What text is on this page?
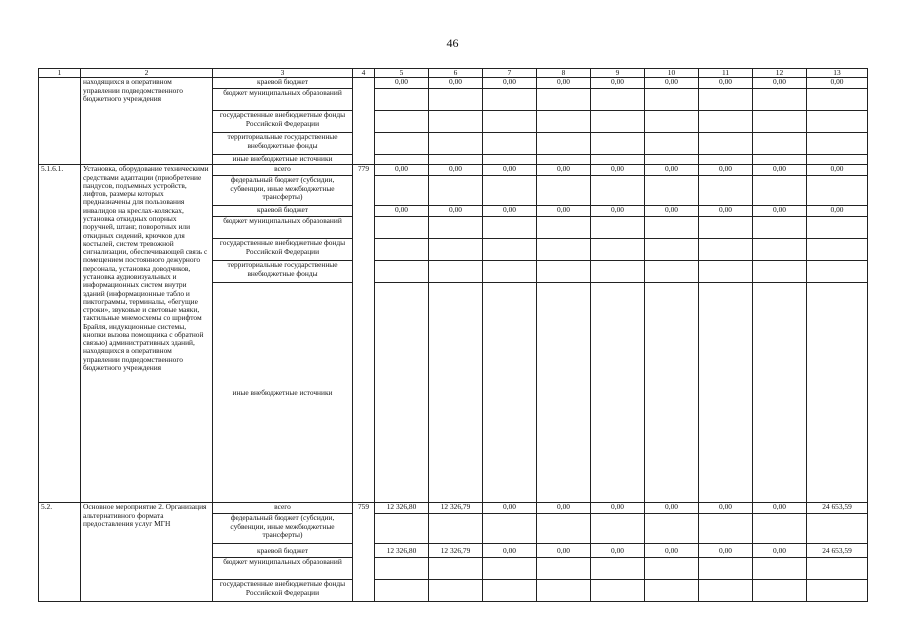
46
1	2	3	4	5	6	7	8	9	10	11	12	13
	находящихся в оперативном управлении подведомственного бюджетного учреждения	краевой бюджет		0,00	0,00	0,00	0,00	0,00	0,00	0,00	0,00	0,00
		бюджет муниципальных образований										
		государственные внебюджетные фонды Российской Федерации										
		территориальные государственные внебюджетные фонды										
		иные внебюджетные источники										
5.1.6.1.	Установка, оборудование техническими средствами адаптации (приобретение пандусов, подъемных устройств, лифтов, размеры которых предназначены для пользования инвалидов на креслах-колясках, установка откидных опорных поручней, штанг, поворотных или откидных сидений, крючков для костылей, систем тревожной сигнализации, обеспечивающей связь с помещением постоянного дежурного персонала, установка доводчиков, установка аудиовизуальных и информационных систем внутри зданий (информационные табло и пиктограммы, терминалы, «бегущие строки», звуковые и световые маяки, тактильные мнемосхемы со шрифтом Брайля, индукционные системы, кнопки вызова помощника с обратной связью) административных зданий, находящихся в оперативном управлении подведомственного бюджетного учреждения	всего	779	0,00	0,00	0,00	0,00	0,00	0,00	0,00	0,00	0,00
		федеральный бюджет (субсидии, субвенции, иные межбюджетные трансферты)										
		краевой бюджет		0,00	0,00	0,00	0,00	0,00	0,00	0,00	0,00	0,00
		бюджет муниципальных образований										
		государственные внебюджетные фонды Российской Федерации										
		территориальные государственные внебюджетные фонды										
		иные внебюджетные источники										
5.2.	Основное мероприятие 2. Организация альтернативного формата предоставления услуг МГН	всего	759	12 326,80	12 326,79	0,00	0,00	0,00	0,00	0,00	0,00	24 653,59
		федеральный бюджет (субсидии, субвенции, иные межбюджетные трансферты)										
		краевой бюджет		12 326,80	12 326,79	0,00	0,00	0,00	0,00	0,00	0,00	24 653,59
		бюджет муниципальных образований										
		государственные внебюджетные фонды Российской Федерации										
